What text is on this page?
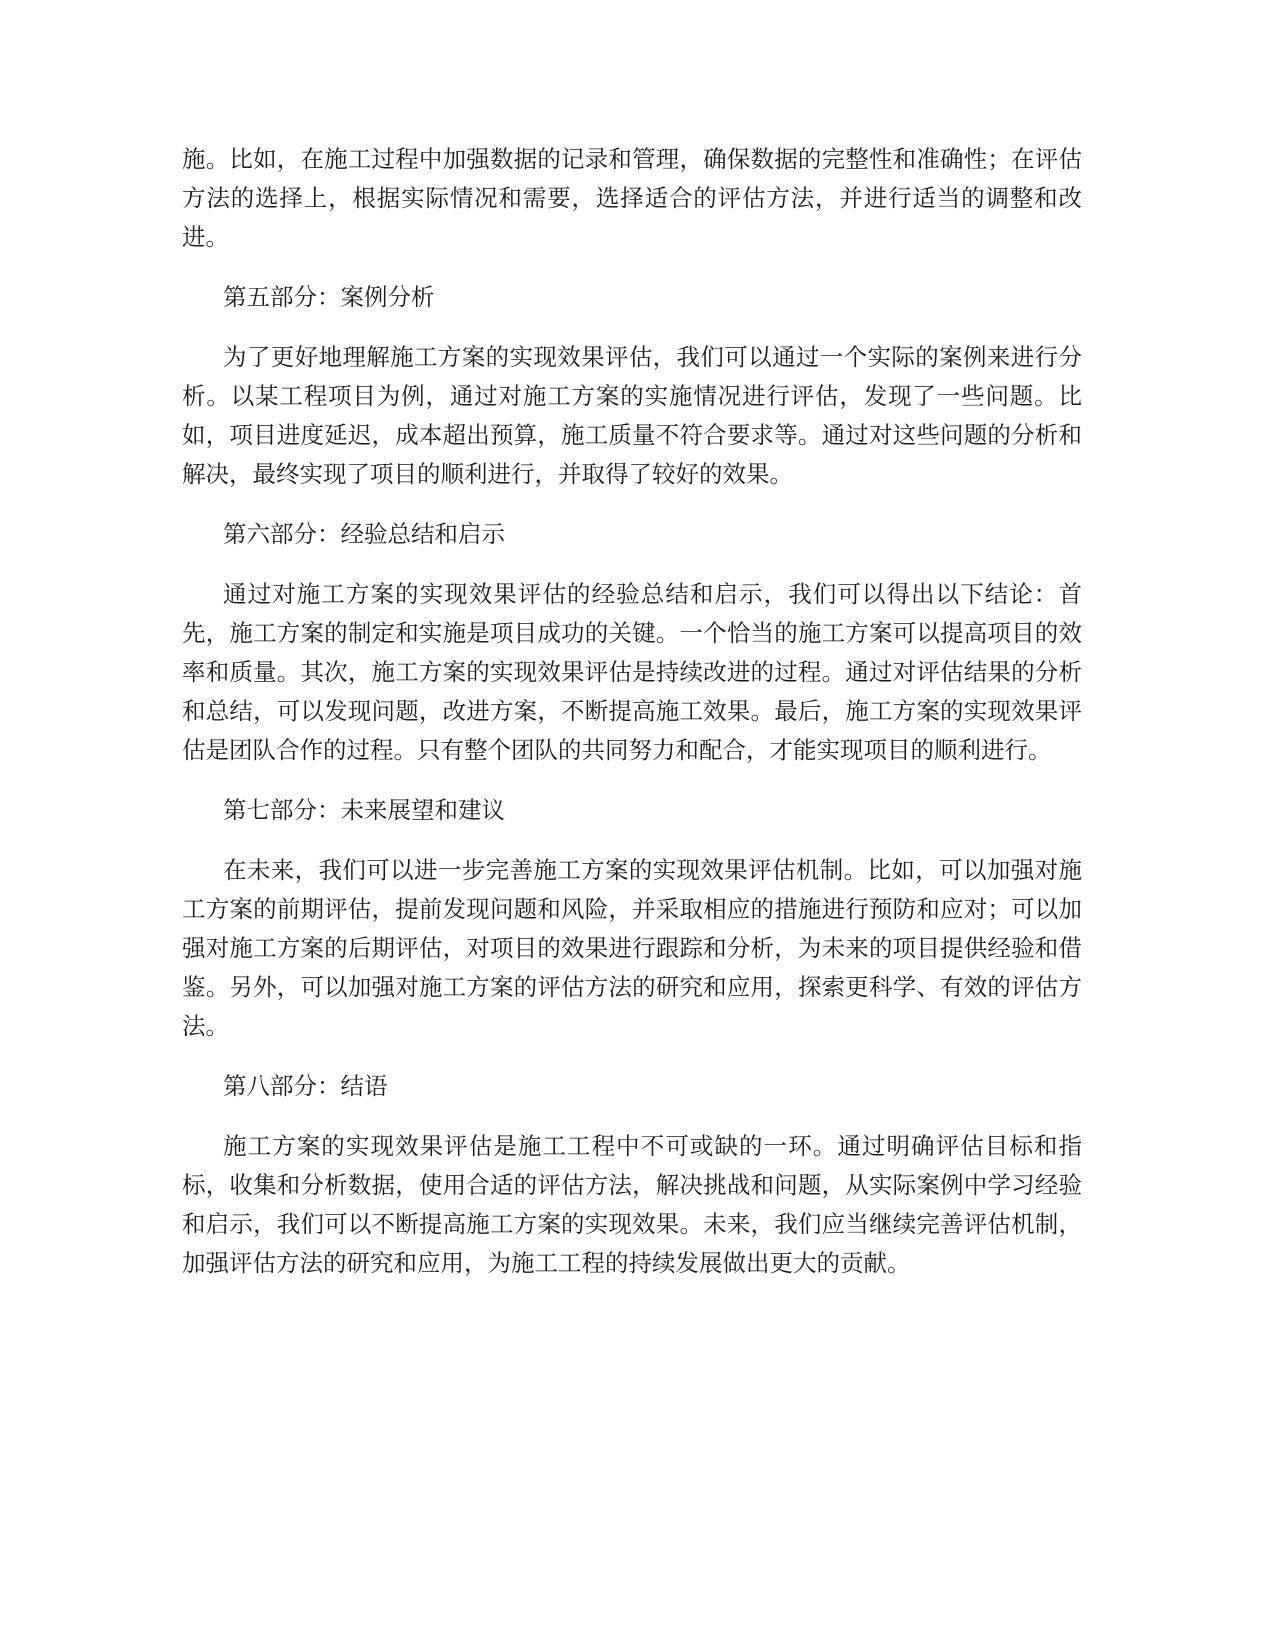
施。比如，在施工过程中加强数据的记录和管理，确保数据的完整性和准确性；在评估方法的选择上，根据实际情况和需要，选择适合的评估方法，并进行适当的调整和改进。

第五部分：案例分析

为了更好地理解施工方案的实现效果评估，我们可以通过一个实际的案例来进行分析。以某工程项目为例，通过对施工方案的实施情况进行评估，发现了一些问题。比如，项目进度延迟，成本超出预算，施工质量不符合要求等。通过对这些问题的分析和解决，最终实现了项目的顺利进行，并取得了较好的效果。

第六部分：经验总结和启示

通过对施工方案的实现效果评估的经验总结和启示，我们可以得出以下结论：首先，施工方案的制定和实施是项目成功的关键。一个恰当的施工方案可以提高项目的效率和质量。其次，施工方案的实现效果评估是持续改进的过程。通过对评估结果的分析和总结，可以发现问题，改进方案，不断提高施工效果。最后，施工方案的实现效果评估是团队合作的过程。只有整个团队的共同努力和配合，才能实现项目的顺利进行。

第七部分：未来展望和建议

在未来，我们可以进一步完善施工方案的实现效果评估机制。比如，可以加强对施工方案的前期评估，提前发现问题和风险，并采取相应的措施进行预防和应对；可以加强对施工方案的后期评估，对项目的效果进行跟踪和分析，为未来的项目提供经验和借鉴。另外，可以加强对施工方案的评估方法的研究和应用，探索更科学、有效的评估方法。

第八部分：结语

施工方案的实现效果评估是施工工程中不可或缺的一环。通过明确评估目标和指标，收集和分析数据，使用合适的评估方法，解决挑战和问题，从实际案例中学习经验和启示，我们可以不断提高施工方案的实现效果。未来，我们应当继续完善评估机制，加强评估方法的研究和应用，为施工工程的持续发展做出更大的贡献。
